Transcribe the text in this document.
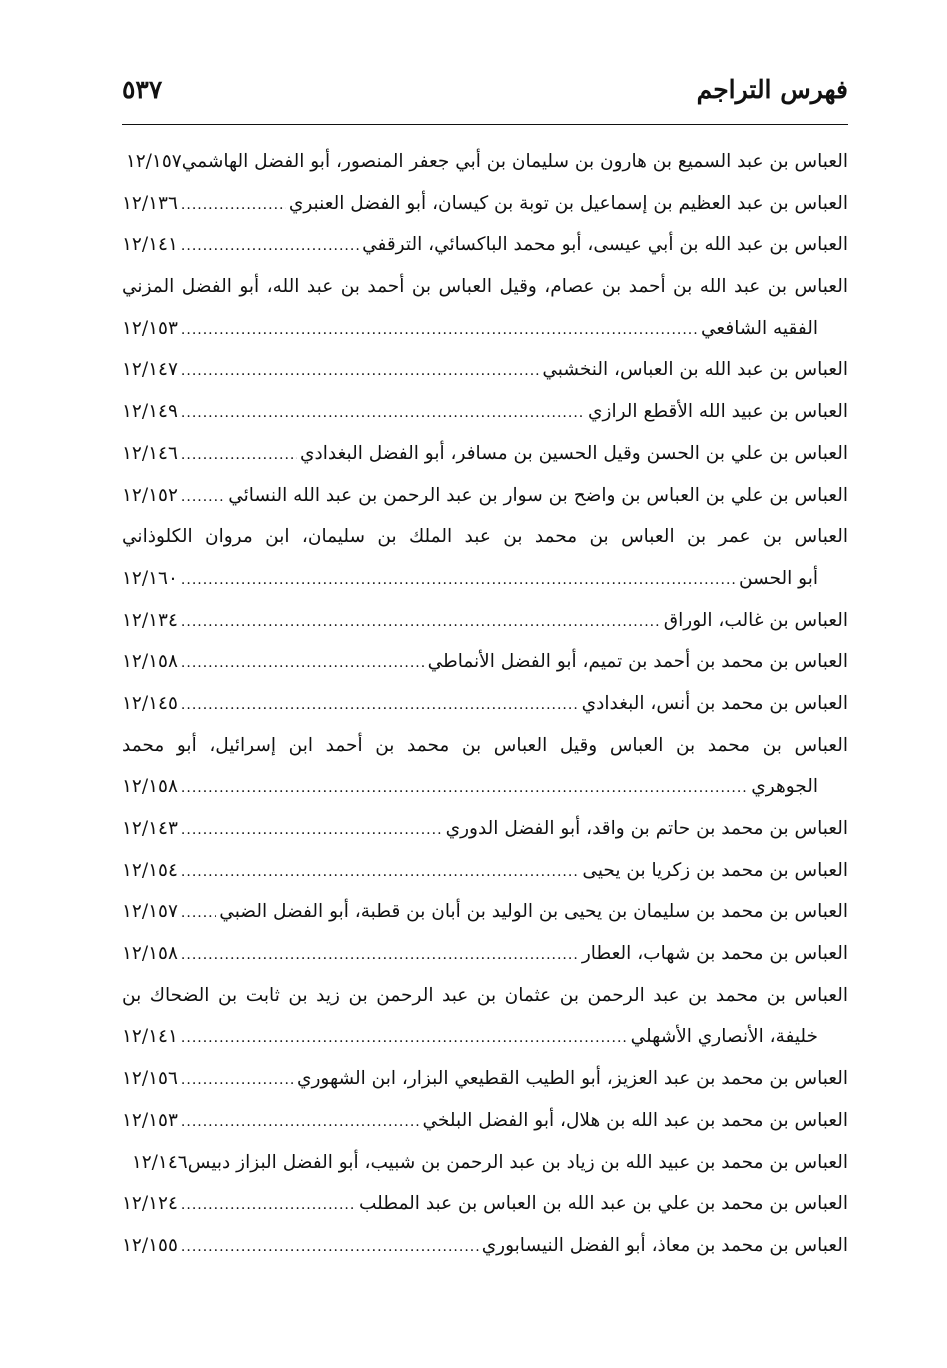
فهرس التراجم
٥٣٧
العباس بن عبد السميع بن هارون بن سليمان بن أبي جعفر المنصور، أبو الفضل الهاشمي
١٢/١٥٧
العباس بن عبد العظيم بن إسماعيل بن توبة بن كيسان، أبو الفضل العنبري
.....
١٢/١٣٦
العباس بن عبد الله بن أبي عيسى، أبو محمد الباكسائي، الترقفي
.....
١٢/١٤١
العباس بن عبد الله بن أحمد بن عصام، وقيل العباس بن أحمد بن عبد الله، أبو الفضل المزني
الفقيه الشافعي
.....
١٢/١٥٣
العباس بن عبد الله بن العباس، النخشبي
.....
١٢/١٤٧
العباس بن عبيد الله الأقطع الرازي
.....
١٢/١٤٩
العباس بن علي بن الحسن وقيل الحسين بن مسافر، أبو الفضل البغدادي
.....
١٢/١٤٦
العباس بن علي بن العباس بن واضح بن سوار بن عبد الرحمن بن عبد الله النسائي
.....
١٢/١٥٢
العباس بن عمر بن العباس بن محمد بن عبد الملك بن سليمان، ابن مروان الكلوذاني
أبو الحسن
.....
١٢/١٦٠
العباس بن غالب، الوراق
.....
١٢/١٣٤
العباس بن محمد بن أحمد بن تميم، أبو الفضل الأنماطي
.....
١٢/١٥٨
العباس بن محمد بن أنس، البغدادي
.....
١٢/١٤٥
العباس بن محمد بن العباس وقيل العباس بن محمد بن أحمد ابن إسرائيل، أبو محمد
الجوهري
.....
١٢/١٥٨
العباس بن محمد بن حاتم بن واقد، أبو الفضل الدوري
.....
١٢/١٤٣
العباس بن محمد بن زكريا بن يحيى
.....
١٢/١٥٤
العباس بن محمد بن سليمان بن يحيى بن الوليد بن أبان بن قطبة، أبو الفضل الضبي
.....
١٢/١٥٧
العباس بن محمد بن شهاب، العطار
.....
١٢/١٥٨
العباس بن محمد بن عبد الرحمن بن عثمان بن عبد الرحمن بن زيد بن ثابت بن الضحاك بن
خليفة، الأنصاري الأشهلي
.....
١٢/١٤١
العباس بن محمد بن عبد العزيز، أبو الطيب القطيعي البزار، ابن الشهوري
.....
١٢/١٥٦
العباس بن محمد بن عبد الله بن هلال، أبو الفضل البلخي
.....
١٢/١٥٣
العباس بن محمد بن عبيد الله بن زياد بن عبد الرحمن بن شبيب، أبو الفضل البزاز دبيس
١٢/١٤٦
العباس بن محمد بن علي بن عبد الله بن العباس بن عبد المطلب
.....
١٢/١٢٤
العباس بن محمد بن معاذ، أبو الفضل النيسابوري
.....
١٢/١٥٥
